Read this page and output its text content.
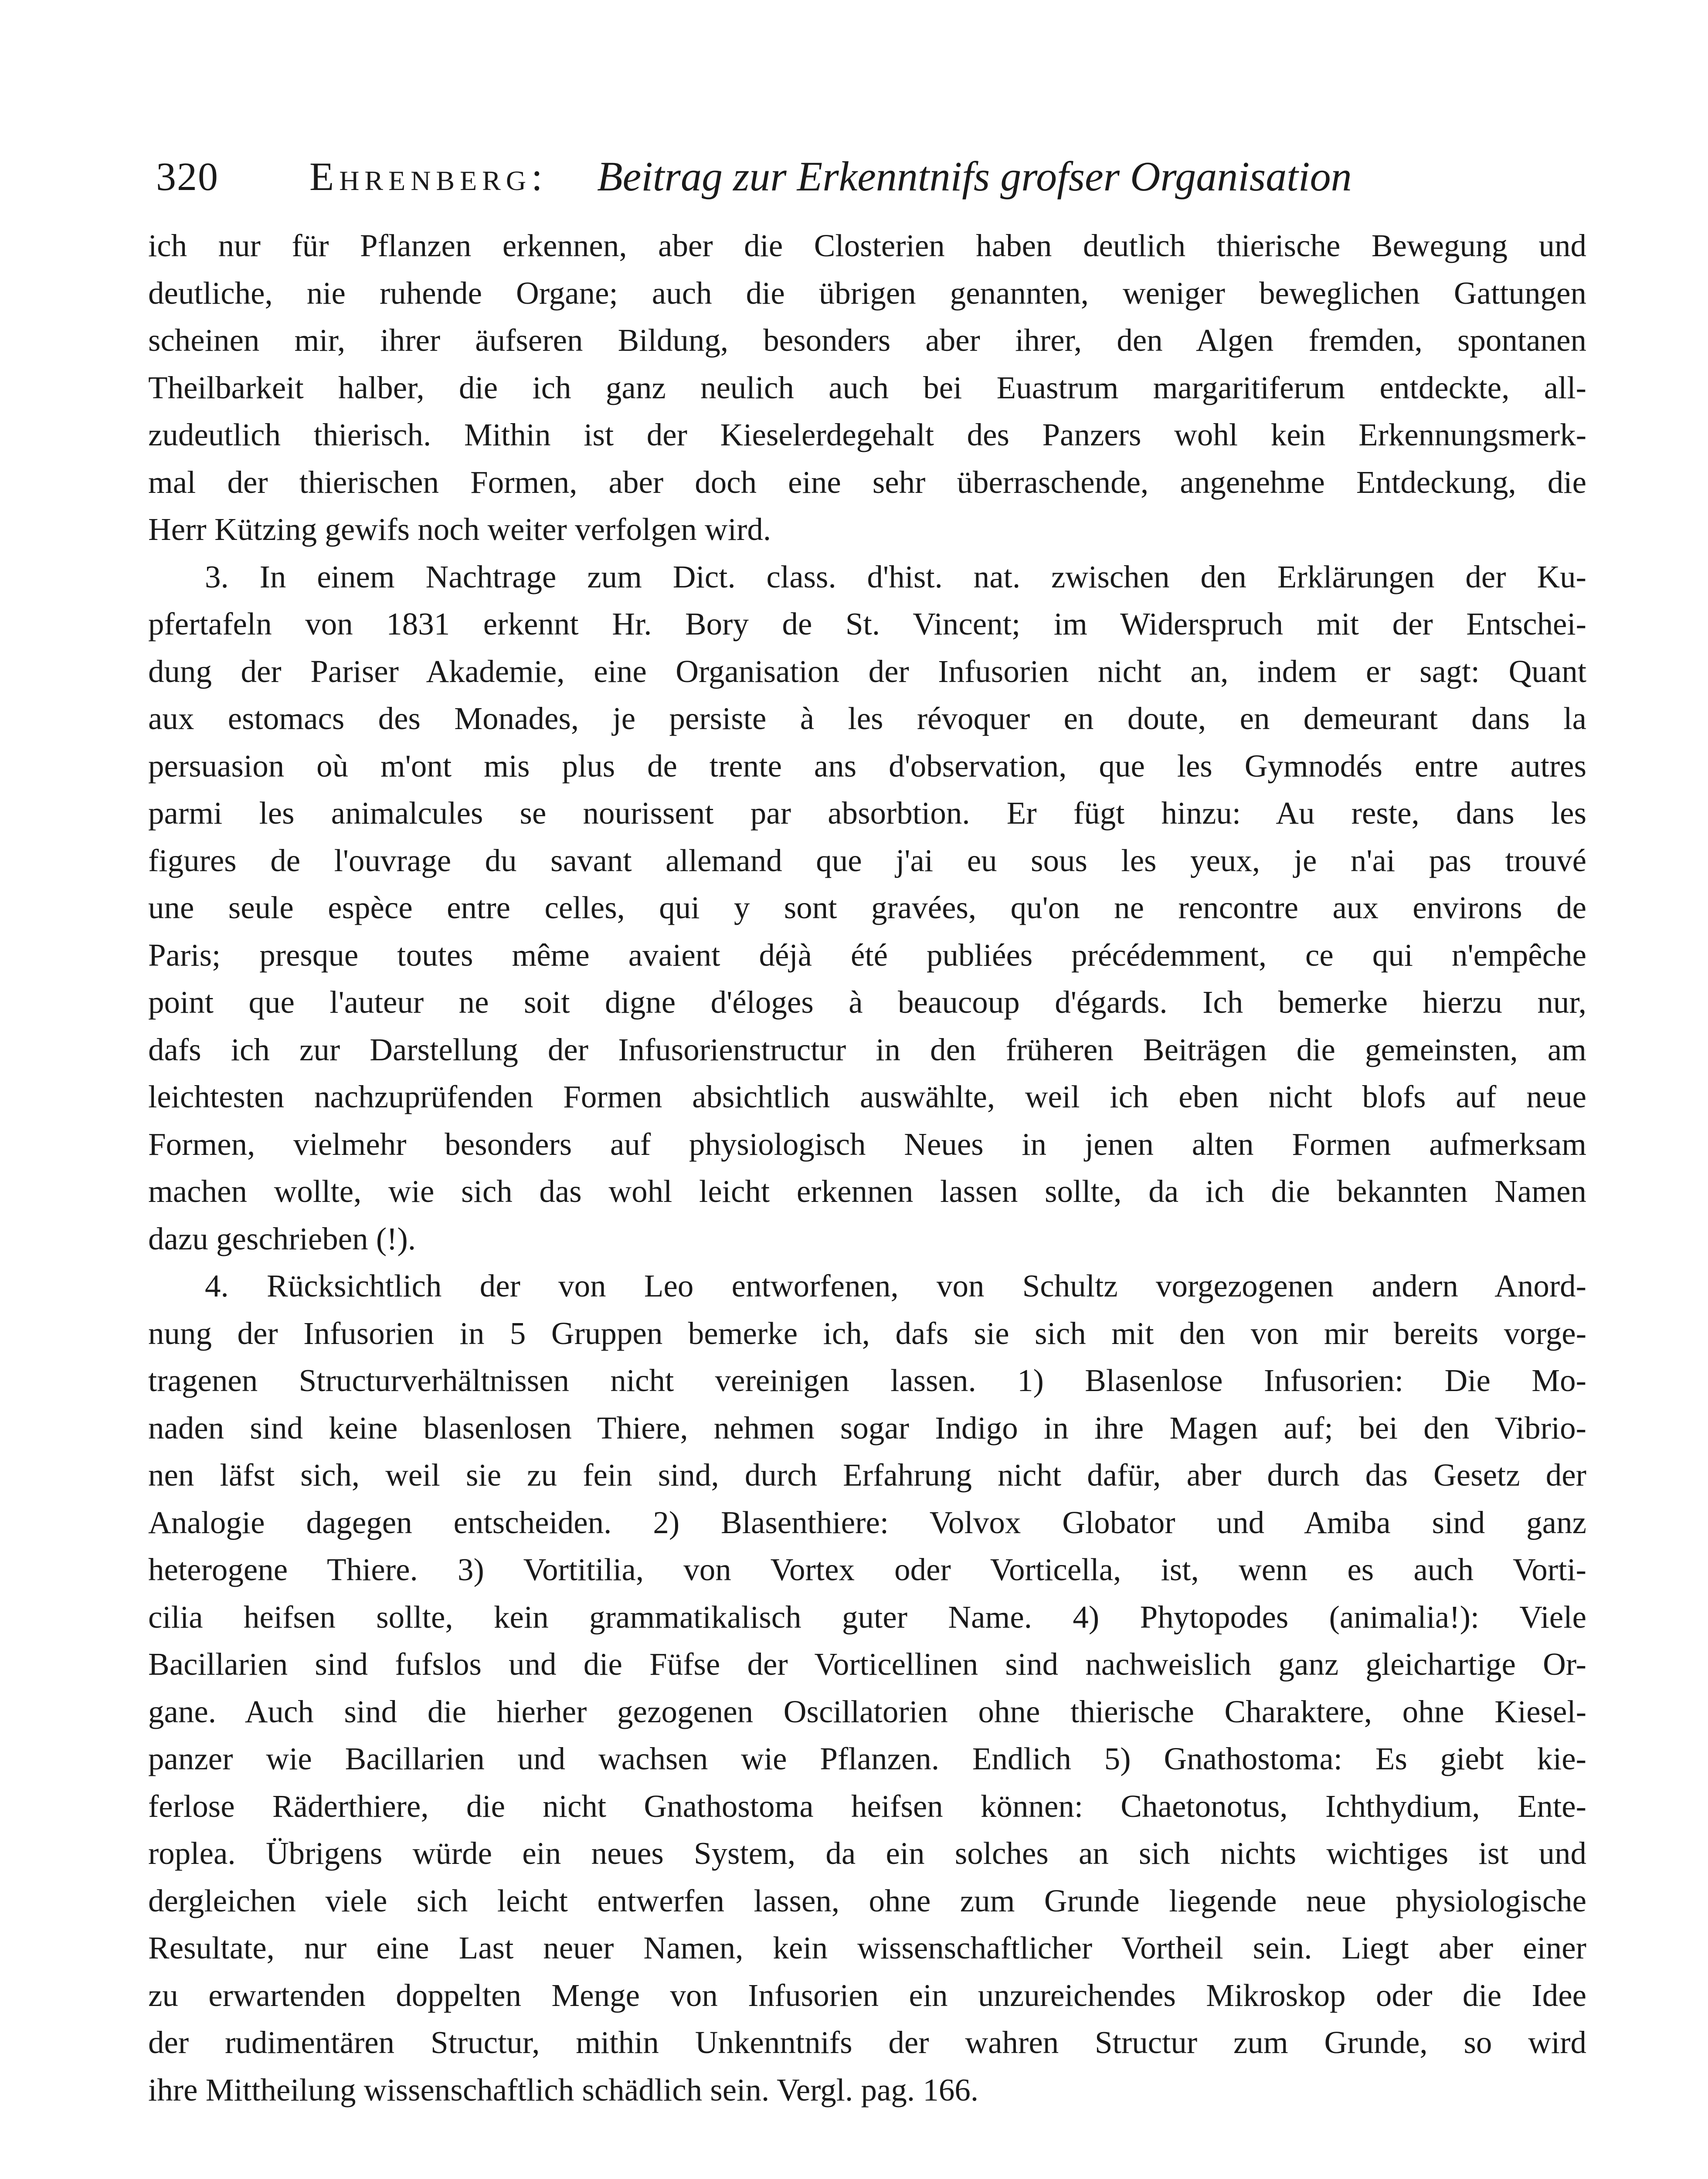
320 Ehrenberg: Beitrag zur Erkenntnifs grofser Organisation
ich nur für Pflanzen erkennen, aber die Closterien haben deutlich thierische Bewegung und
deutliche, nie ruhende Organe; auch die übrigen genannten, weniger beweglichen Gattungen
scheinen mir, ihrer äufseren Bildung, besonders aber ihrer, den Algen fremden, spontanen
Theilbarkeit halber, die ich ganz neulich auch bei Euastrum margaritiferum entdeckte, all-
zudeutlich thierisch. Mithin ist der Kieselerdegehalt des Panzers wohl kein Erkennungsmerk-
mal der thierischen Formen, aber doch eine sehr überraschende, angenehme Entdeckung, die
Herr Kützing gewifs noch weiter verfolgen wird.
3. In einem Nachtrage zum Dict. class. d'hist. nat. zwischen den Erklärungen der Ku-
pfertafeln von 1831 erkennt Hr. Bory de St. Vincent; im Widerspruch mit der Entschei-
dung der Pariser Akademie, eine Organisation der Infusorien nicht an, indem er sagt: Quant
aux estomacs des Monades, je persiste à les révoquer en doute, en demeurant dans la
persuasion où m'ont mis plus de trente ans d'observation, que les Gymnodés entre autres
parmi les animalcules se nourissent par absorbtion. Er fügt hinzu: Au reste, dans les
figures de l'ouvrage du savant allemand que j'ai eu sous les yeux, je n'ai pas trouvé
une seule espèce entre celles, qui y sont gravées, qu'on ne rencontre aux environs de
Paris; presque toutes même avaient déjà été publiées précédemment, ce qui n'empêche
point que l'auteur ne soit digne d'éloges à beaucoup d'égards. Ich bemerke hierzu nur,
dafs ich zur Darstellung der Infusorienstructur in den früheren Beiträgen die gemeinsten, am
leichtesten nachzuprüfenden Formen absichtlich auswählte, weil ich eben nicht blofs auf neue
Formen, vielmehr besonders auf physiologisch Neues in jenen alten Formen aufmerksam
machen wollte, wie sich das wohl leicht erkennen lassen sollte, da ich die bekannten Namen
dazu geschrieben (!).
4. Rücksichtlich der von Leo entworfenen, von Schultz vorgezogenen andern Anord-
nung der Infusorien in 5 Gruppen bemerke ich, dafs sie sich mit den von mir bereits vorge-
tragenen Structurverhältnissen nicht vereinigen lassen. 1) Blasenlose Infusorien: Die Mo-
naden sind keine blasenlosen Thiere, nehmen sogar Indigo in ihre Magen auf; bei den Vibrio-
nen läfst sich, weil sie zu fein sind, durch Erfahrung nicht dafür, aber durch das Gesetz der
Analogie dagegen entscheiden. 2) Blasenthiere: Volvox Globator und Amiba sind ganz
heterogene Thiere. 3) Vortitilia, von Vortex oder Vorticella, ist, wenn es auch Vorti-
cilia heifsen sollte, kein grammatikalisch guter Name. 4) Phytopodes (animalia!): Viele
Bacillarien sind fufslos und die Füfse der Vorticellinen sind nachweislich ganz gleichartige Or-
gane. Auch sind die hierher gezogenen Oscillatorien ohne thierische Charaktere, ohne Kiesel-
panzer wie Bacillarien und wachsen wie Pflanzen. Endlich 5) Gnathostoma: Es giebt kie-
ferlose Räderthiere, die nicht Gnathostoma heifsen können: Chaetonotus, Ichthydium, Ente-
roplea. Übrigens würde ein neues System, da ein solches an sich nichts wichtiges ist und
dergleichen viele sich leicht entwerfen lassen, ohne zum Grunde liegende neue physiologische
Resultate, nur eine Last neuer Namen, kein wissenschaftlicher Vortheil sein. Liegt aber einer
zu erwartenden doppelten Menge von Infusorien ein unzureichendes Mikroskop oder die Idee
der rudimentären Structur, mithin Unkenntnifs der wahren Structur zum Grunde, so wird
ihre Mittheilung wissenschaftlich schädlich sein. Vergl. pag. 166.
